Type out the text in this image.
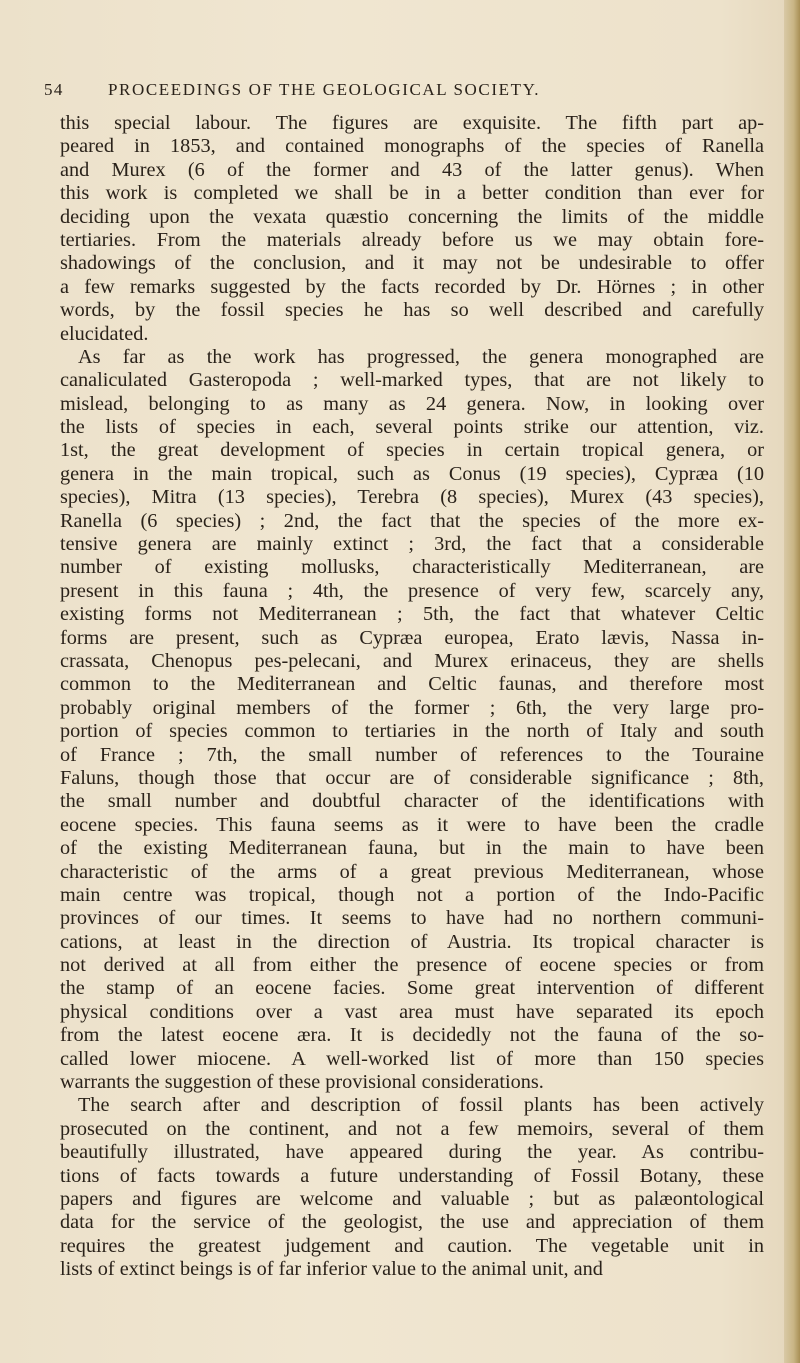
54	PROCEEDINGS OF THE GEOLOGICAL SOCIETY.
this special labour. The figures are exquisite. The fifth part ap-
peared in 1853, and contained monographs of the species of Ranella
and Murex (6 of the former and 43 of the latter genus). When
this work is completed we shall be in a better condition than ever for
deciding upon the vexata quæstio concerning the limits of the middle
tertiaries. From the materials already before us we may obtain fore-
shadowings of the conclusion, and it may not be undesirable to offer
a few remarks suggested by the facts recorded by Dr. Hörnes ; in other
words, by the fossil species he has so well described and carefully
elucidated.
As far as the work has progressed, the genera monographed are
canaliculated Gasteropoda ; well-marked types, that are not likely to
mislead, belonging to as many as 24 genera. Now, in looking over
the lists of species in each, several points strike our attention, viz.
1st, the great development of species in certain tropical genera, or
genera in the main tropical, such as Conus (19 species), Cypræa (10
species), Mitra (13 species), Terebra (8 species), Murex (43 species),
Ranella (6 species) ; 2nd, the fact that the species of the more ex-
tensive genera are mainly extinct ; 3rd, the fact that a considerable
number of existing mollusks, characteristically Mediterranean, are
present in this fauna ; 4th, the presence of very few, scarcely any,
existing forms not Mediterranean ; 5th, the fact that whatever Celtic
forms are present, such as Cypræa europea, Erato lævis, Nassa in-
crassata, Chenopus pes-pelecani, and Murex erinaceus, they are shells
common to the Mediterranean and Celtic faunas, and therefore most
probably original members of the former ; 6th, the very large pro-
portion of species common to tertiaries in the north of Italy and south
of France ; 7th, the small number of references to the Touraine
Faluns, though those that occur are of considerable significance ; 8th,
the small number and doubtful character of the identifications with
eocene species. This fauna seems as it were to have been the cradle
of the existing Mediterranean fauna, but in the main to have been
characteristic of the arms of a great previous Mediterranean, whose
main centre was tropical, though not a portion of the Indo-Pacific
provinces of our times. It seems to have had no northern communi-
cations, at least in the direction of Austria. Its tropical character is
not derived at all from either the presence of eocene species or from
the stamp of an eocene facies. Some great intervention of different
physical conditions over a vast area must have separated its epoch
from the latest eocene æra. It is decidedly not the fauna of the so-
called lower miocene. A well-worked list of more than 150 species
warrants the suggestion of these provisional considerations.
The search after and description of fossil plants has been actively
prosecuted on the continent, and not a few memoirs, several of them
beautifully illustrated, have appeared during the year. As contribu-
tions of facts towards a future understanding of Fossil Botany, these
papers and figures are welcome and valuable ; but as palæontological
data for the service of the geologist, the use and appreciation of them
requires the greatest judgement and caution. The vegetable unit in
lists of extinct beings is of far inferior value to the animal unit, and
